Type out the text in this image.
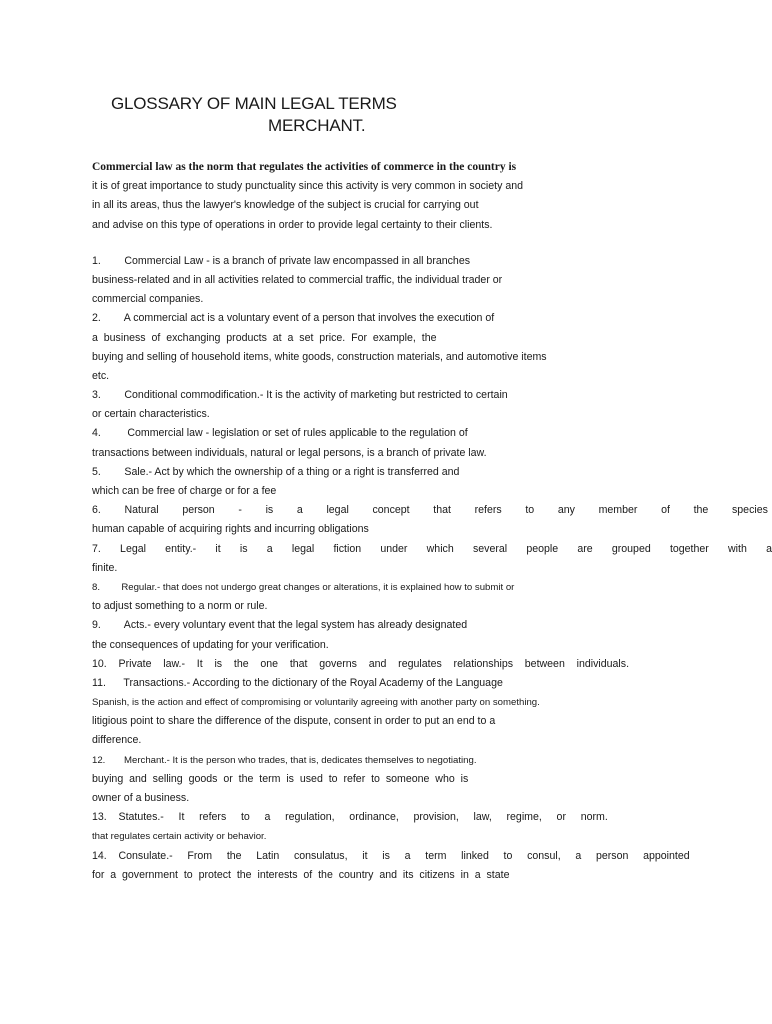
GLOSSARY OF MAIN LEGAL TERMS
MERCHANT.
Commercial law as the norm that regulates the activities of commerce in the country is
it is of great importance to study punctuality since this activity is very common in society and
in all its areas, thus the lawyer's knowledge of the subject is crucial for carrying out
and advise on this type of operations in order to provide legal certainty to their clients.
1.        Commercial Law - is a branch of private law encompassed in all branches
business-related and in all activities related to commercial traffic, the individual trader or
commercial companies.
2.        A commercial act is a voluntary event of a person that involves the execution of
a  business  of  exchanging  products  at  a  set  price.  For  example,  the
buying and selling of household items, white goods, construction materials, and automotive items
etc.
3.        Conditional commodification.- It is the activity of marketing but restricted to certain
or certain characteristics.
4.         Commercial law - legislation or set of rules applicable to the regulation of
transactions between individuals, natural or legal persons, is a branch of private law.
5.        Sale.- Act by which the ownership of a thing or a right is transferred and
which can be free of charge or for a fee
6. Natural person - is a legal concept that refers to any member of the species
human capable of acquiring rights and incurring obligations
7. Legal entity.- it is a legal fiction under which several people are grouped together with a
finite.
8.        Regular.- that does not undergo great changes or alterations, it is explained how to submit or
to adjust something to a norm or rule.
9.        Acts.- every voluntary event that the legal system has already designated
the consequences of updating for your verification.
10.    Private    law.-    It    is    the    one    that    governs    and    regulates    relationships    between    individuals.
11.      Transactions.- According to the dictionary of the Royal Academy of the Language
Spanish, is the action and effect of compromising or voluntarily agreeing with another party on something.
litigious point to share the difference of the dispute, consent in order to put an end to a
difference.
12.       Merchant.- It is the person who trades, that is, dedicates themselves to negotiating.
buying  and  selling  goods  or  the  term  is  used  to  refer  to  someone  who  is
owner of a business.
13.    Statutes.-     It     refers     to     a     regulation,     ordinance,     provision,     law,     regime,     or     norm.
that regulates certain activity or behavior.
14.    Consulate.-     From     the     Latin     consulatus,     it     is     a     term     linked     to     consul,     a     person     appointed
for  a  government  to  protect  the  interests  of  the  country  and  its  citizens  in  a  state
